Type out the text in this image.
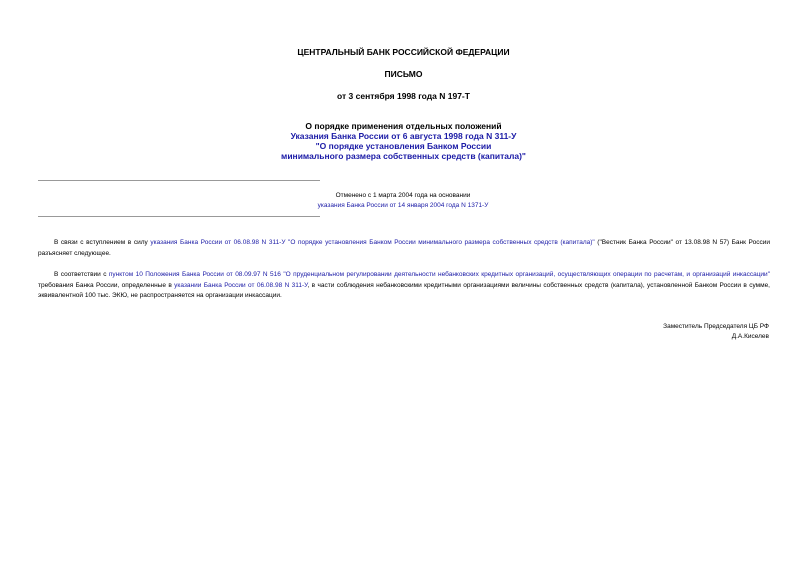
ЦЕНТРАЛЬНЫЙ БАНК РОССИЙСКОЙ ФЕДЕРАЦИИ
ПИСЬМО
от 3 сентября 1998 года N 197-Т
О порядке применения отдельных положений
Указания Банка России от 6 августа 1998 года N 311-У
"О порядке установления Банком России
минимального размера собственных средств (капитала)"
Отменено с 1 марта 2004 года на основании
указания Банка России от 14 января 2004 года N 1371-У
В связи с вступлением в силу указания Банка России от 06.08.98 N 311-У "О порядке установления Банком России минимального размера собственных средств (капитала)" ("Вестник Банка России" от 13.08.98 N 57) Банк России разъясняет следующее.
В соответствии с пунктом 10 Положения Банка России от 08.09.97 N 516 "О пруденциальном регулировании деятельности небанковских кредитных организаций, осуществляющих операции по расчетам, и организаций инкассации" требования Банка России, определенные в указании Банка России от 06.08.98 N 311-У, в части соблюдения небанковскими кредитными организациями величины собственных средств (капитала), установленной Банком России в сумме, эквивалентной 100 тыс. ЭКЮ, не распространяется на организации инкассации.
Заместитель Председателя ЦБ РФ
Д.А.Киселев
